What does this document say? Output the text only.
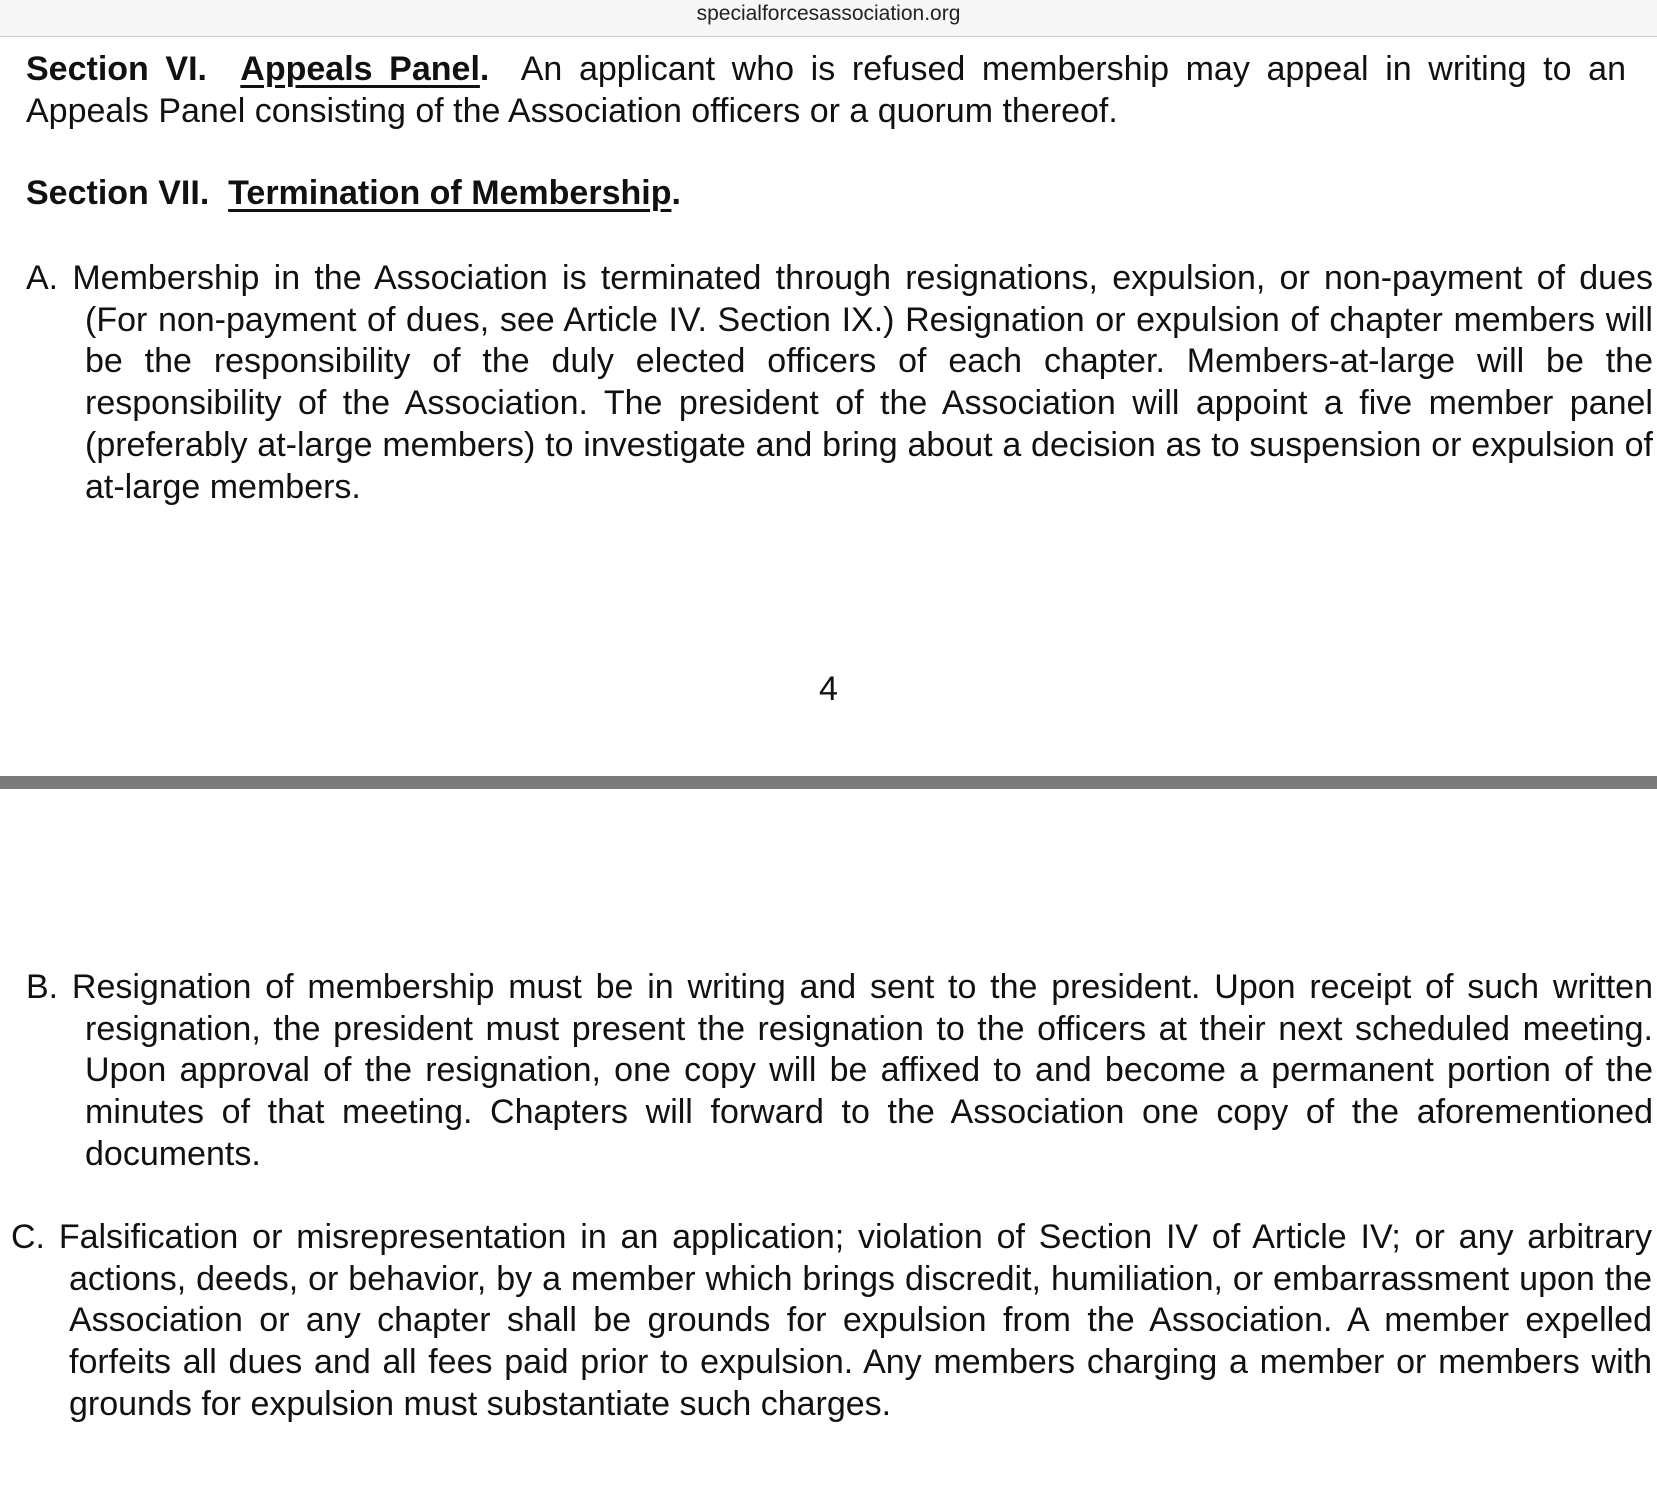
specialforcesassociation.org
Section VI. Appeals Panel. An applicant who is refused membership may appeal in writing to an Appeals Panel consisting of the Association officers or a quorum thereof.
Section VII. Termination of Membership.
A. Membership in the Association is terminated through resignations, expulsion, or non-payment of dues (For non-payment of dues, see Article IV. Section IX.) Resignation or expulsion of chapter members will be the responsibility of the duly elected officers of each chapter. Members-at-large will be the responsibility of the Association. The president of the Association will appoint a five member panel (preferably at-large members) to investigate and bring about a decision as to suspension or expulsion of at-large members.
4
B. Resignation of membership must be in writing and sent to the president. Upon receipt of such written resignation, the president must present the resignation to the officers at their next scheduled meeting. Upon approval of the resignation, one copy will be affixed to and become a permanent portion of the minutes of that meeting. Chapters will forward to the Association one copy of the aforementioned documents.
C. Falsification or misrepresentation in an application; violation of Section IV of Article IV; or any arbitrary actions, deeds, or behavior, by a member which brings discredit, humiliation, or embarrassment upon the Association or any chapter shall be grounds for expulsion from the Association. A member expelled forfeits all dues and all fees paid prior to expulsion. Any members charging a member or members with grounds for expulsion must substantiate such charges.
